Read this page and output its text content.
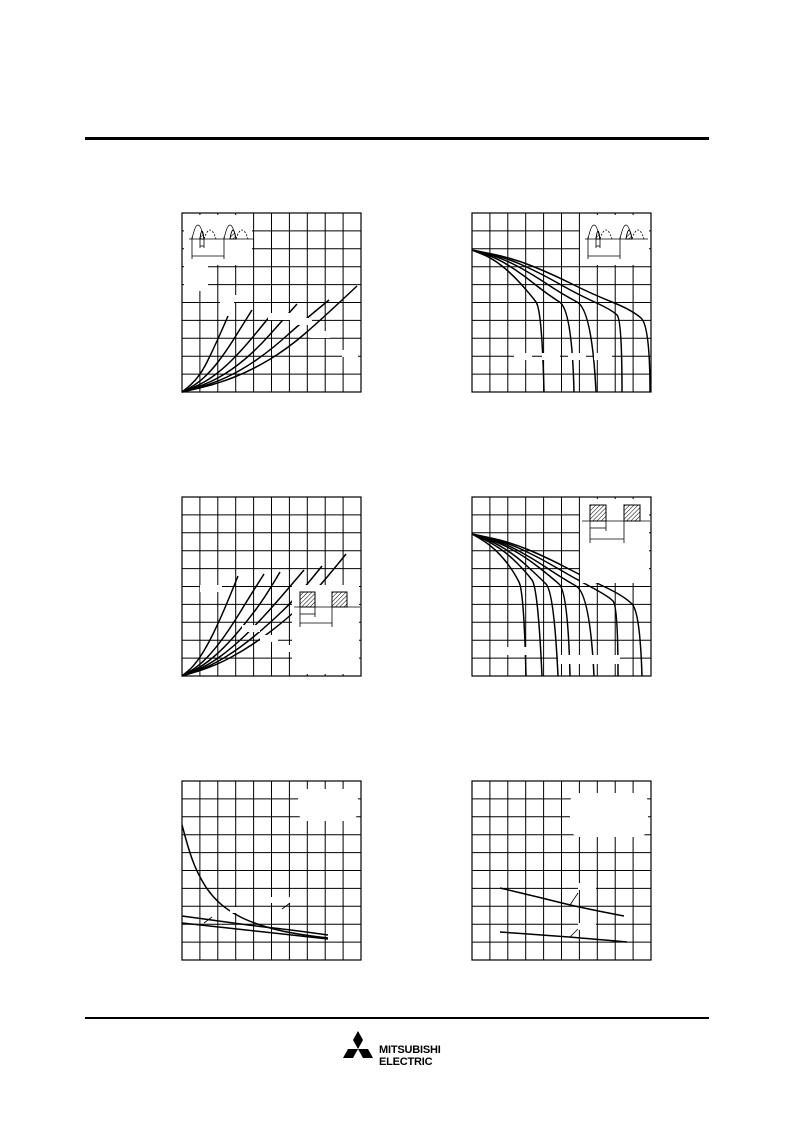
MITSUBISHI
ELECTRIC
